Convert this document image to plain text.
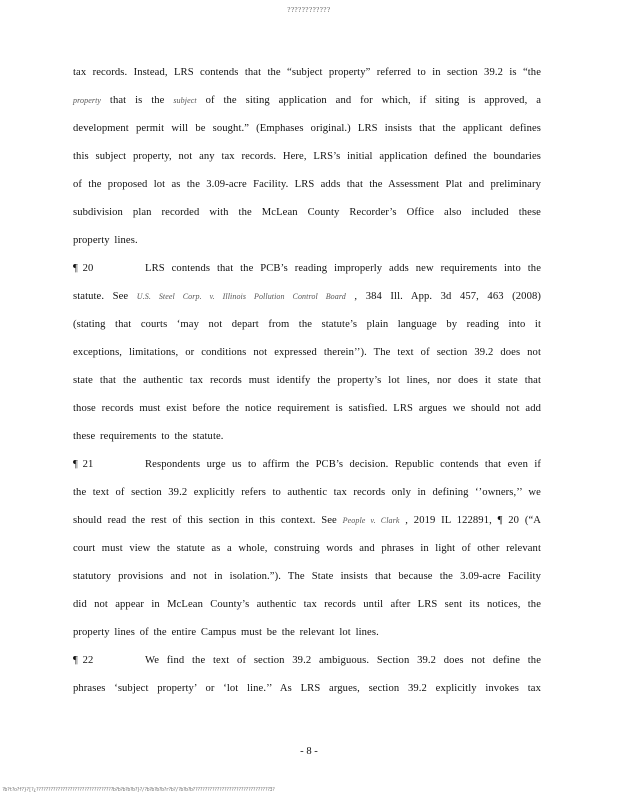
????????????
tax records. Instead, LRS contends that the “subject property” referred to in section 39.2 is “the
property that is the subject of the siting application and for which, if siting is approved, a
development permit will be sought.” (Emphases original.) LRS insists that the applicant defines
this subject property, not any tax records. Here, LRS’s initial application defined the boundaries
of the proposed lot as the 3.09-acre Facility. LRS adds that the Assessment Plat and preliminary
subdivision plan recorded with the McLean County Recorder’s Office also included these
property lines.
¶ 20	LRS contends that the PCB’s reading improperly adds new requirements into the
statute. See U.S. Steel Corp. v. Illinois Pollution Control Board , 384 Ill. App. 3d 457, 463 (2008)
(stating that courts ‘may not depart from the statute’s plain language by reading into it
exceptions, limitations, or conditions not expressed therein’’). The text of section 39.2 does not
state that the authentic tax records must identify the property’s lot lines, nor does it state that
those records must exist before the notice requirement is satisfied. LRS argues we should not add
these requirements to the statute.
¶ 21	Respondents urge us to affirm the PCB’s decision. Republic contends that even if
the text of section 39.2 explicitly refers to authentic tax records only in defining ‘’owners,’’ we
should read the rest of this section in this context. See People v. Clark , 2019 IL 122891, ¶ 20 (“A
court must view the statute as a whole, construing words and phrases in light of other relevant
statutory provisions and not in isolation.”). The State insists that because the 3.09-acre Facility
did not appear in McLean County’s authentic tax records until after LRS sent its notices, the
property lines of the entire Campus must be the relevant lot lines.
¶ 22	We find the text of section 39.2 ambiguous. Section 39.2 does not define the
phrases ‘subject property’ or ‘lot line.’’ As LRS argues, section 39.2 explicitly invokes tax
- 8 -
?b?t?o?f?}?[?¿????????????????????????????????b?b?b?b?b?}?/?b?b?b?b?r?b?/?b?b?b????????????????????????????????3?
